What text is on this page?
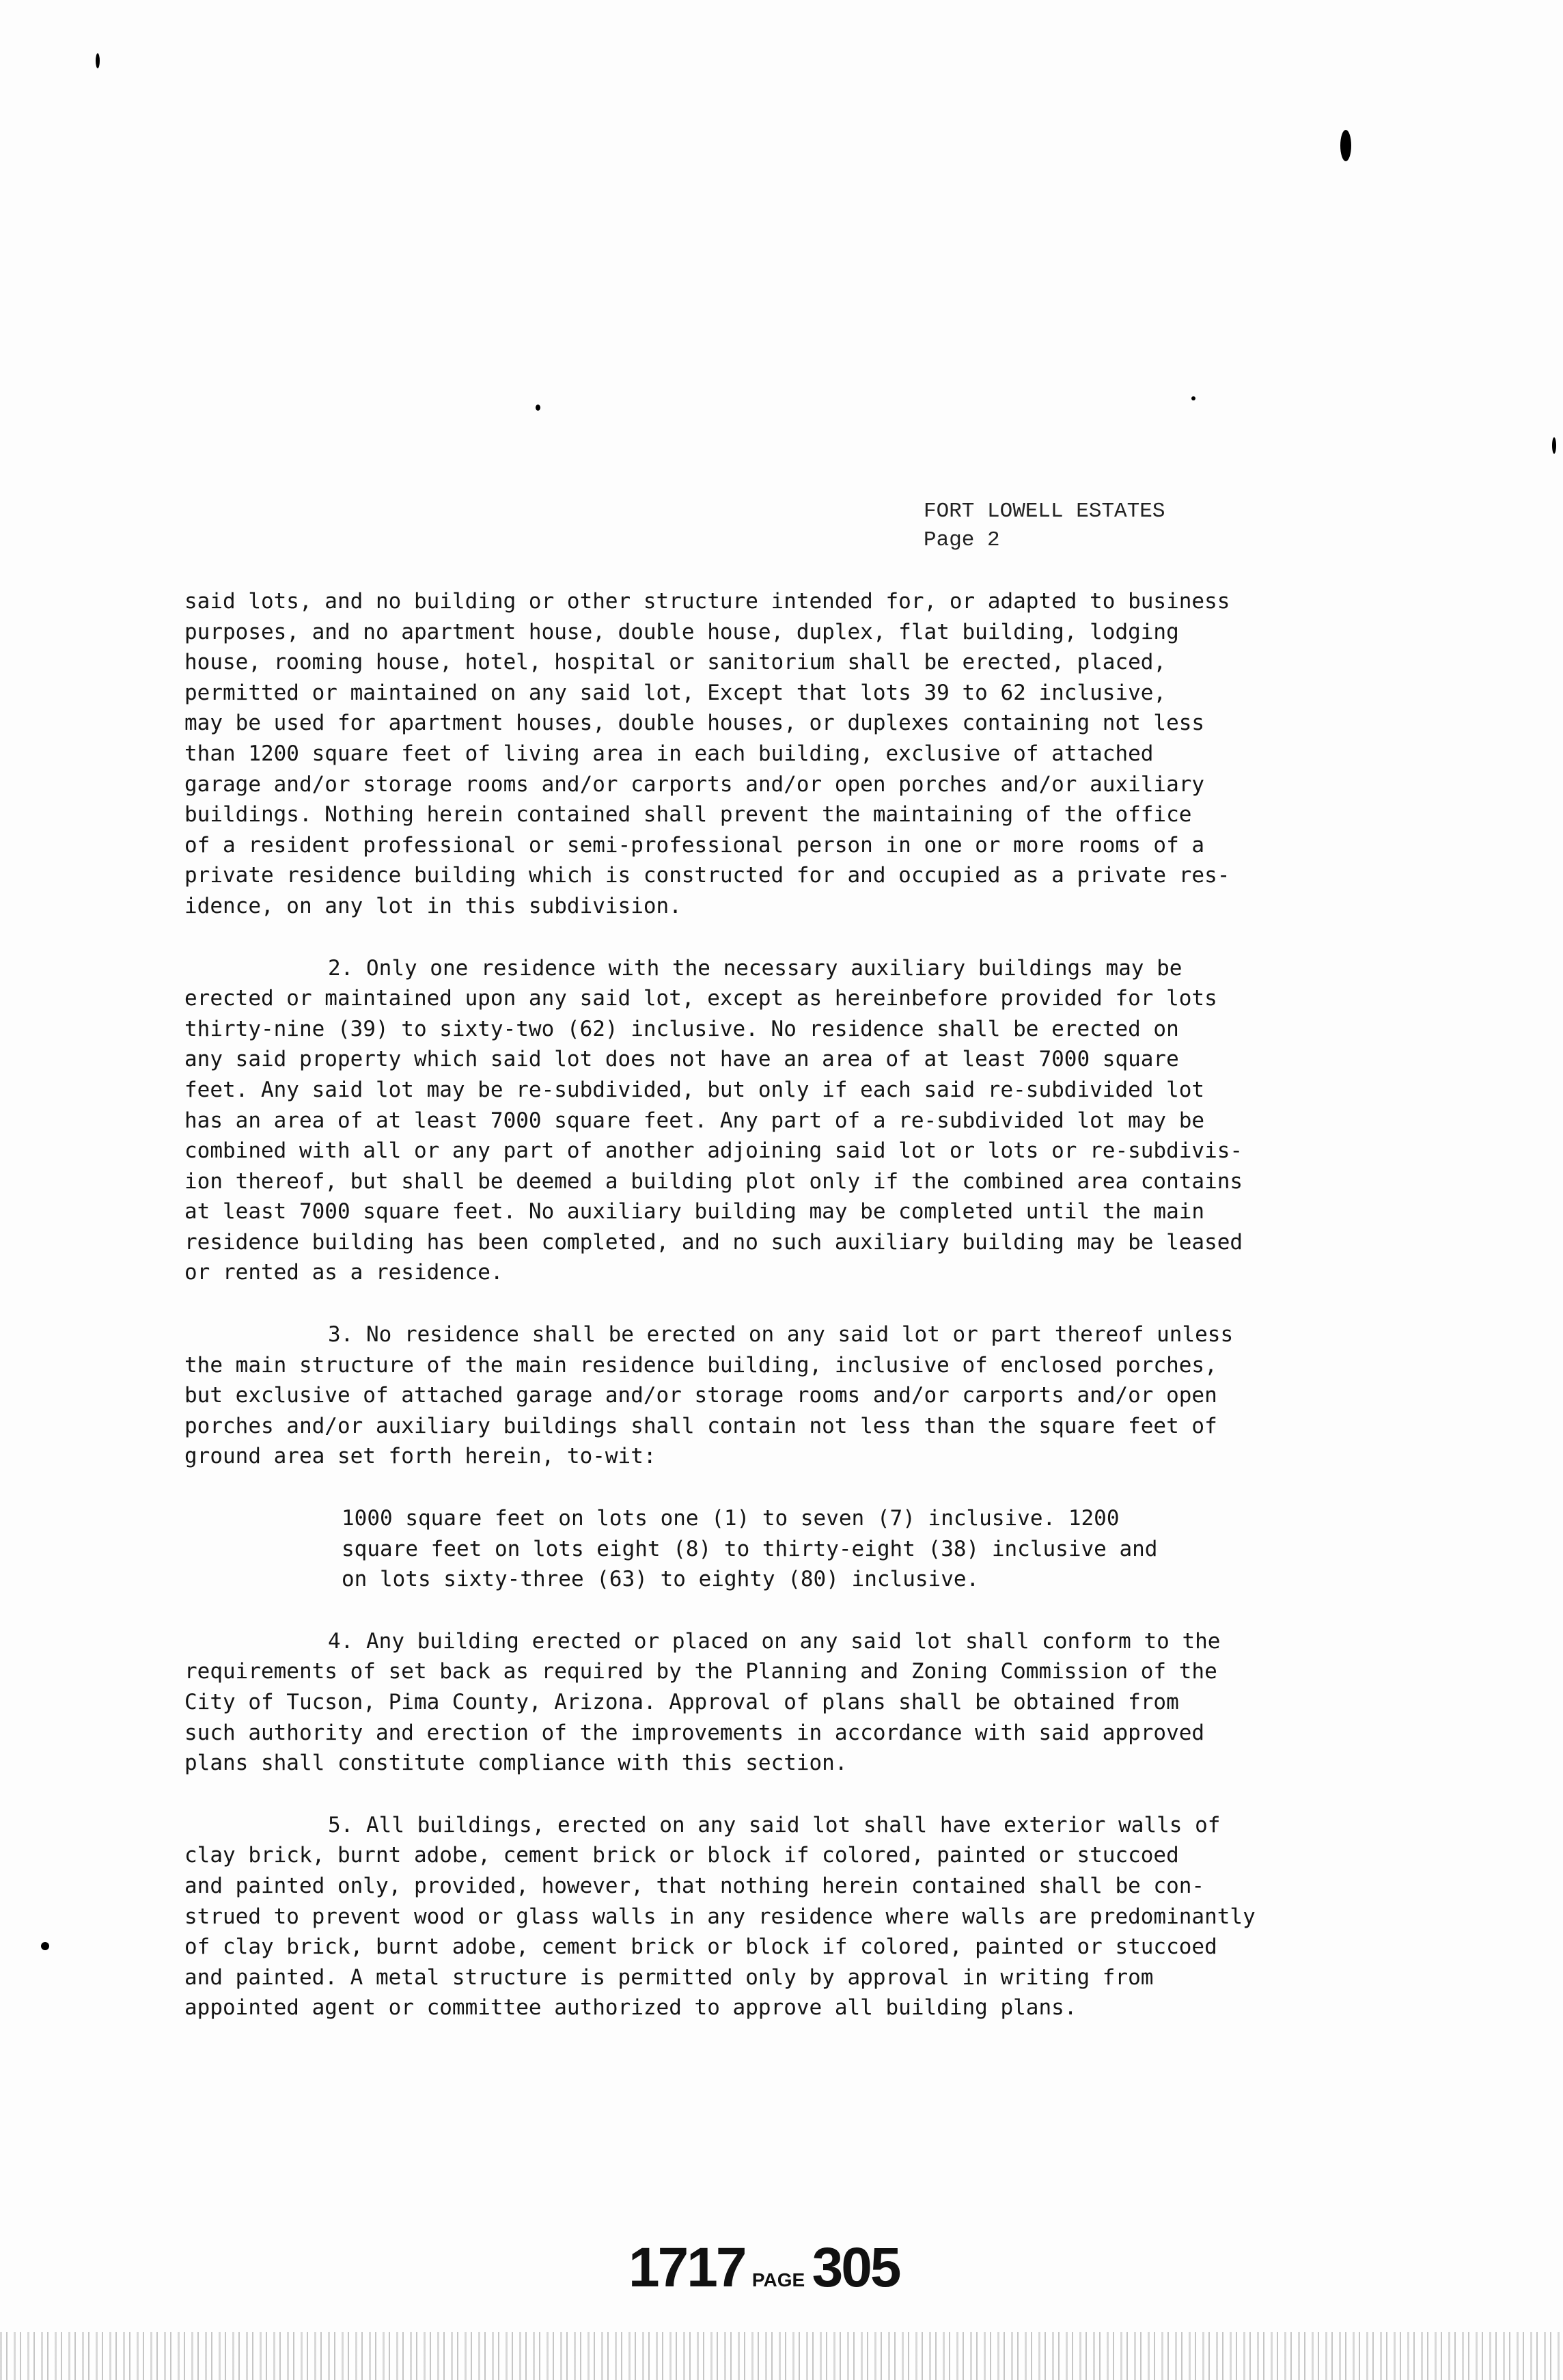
FORT LOWELL ESTATES
Page 2
said lots, and no building or other structure intended for, or adapted to business
purposes, and no apartment house, double house, duplex, flat building, lodging
house, rooming house, hotel, hospital or sanitorium shall be erected, placed,
permitted or maintained on any said lot, Except that lots 39 to 62 inclusive,
may be used for apartment houses, double houses, or duplexes containing not less
than 1200 square feet of living area in each building, exclusive of attached
garage and/or storage rooms and/or carports and/or open porches and/or auxiliary
buildings. Nothing herein contained shall prevent the maintaining of the office
of a resident professional or semi-professional person in one or more rooms of a
private residence building which is constructed for and occupied as a private res-
idence, on any lot in this subdivision.
2. Only one residence with the necessary auxiliary buildings may be
erected or maintained upon any said lot, except as hereinbefore provided for lots
thirty-nine (39) to sixty-two (62) inclusive. No residence shall be erected on
any said property which said lot does not have an area of at least 7000 square
feet. Any said lot may be re-subdivided, but only if each said re-subdivided lot
has an area of at least 7000 square feet. Any part of a re-subdivided lot may be
combined with all or any part of another adjoining said lot or lots or re-subdivis-
ion thereof, but shall be deemed a building plot only if the combined area contains
at least 7000 square feet. No auxiliary building may be completed until the main
residence building has been completed, and no such auxiliary building may be leased
or rented as a residence.
3. No residence shall be erected on any said lot or part thereof unless
the main structure of the main residence building, inclusive of enclosed porches,
but exclusive of attached garage and/or storage rooms and/or carports and/or open
porches and/or auxiliary buildings shall contain not less than the square feet of
ground area set forth herein, to-wit:
1000 square feet on lots one (1) to seven (7) inclusive. 1200
square feet on lots eight (8) to thirty-eight (38) inclusive and
on lots sixty-three (63) to eighty (80) inclusive.
4. Any building erected or placed on any said lot shall conform to the
requirements of set back as required by the Planning and Zoning Commission of the
City of Tucson, Pima County, Arizona. Approval of plans shall be obtained from
such authority and erection of the improvements in accordance with said approved
plans shall constitute compliance with this section.
5. All buildings, erected on any said lot shall have exterior walls of
clay brick, burnt adobe, cement brick or block if colored, painted or stuccoed
and painted only, provided, however, that nothing herein contained shall be con-
strued to prevent wood or glass walls in any residence where walls are predominantly
of clay brick, burnt adobe, cement brick or block if colored, painted or stuccoed
and painted. A metal structure is permitted only by approval in writing from
appointed agent or committee authorized to approve all building plans.
1717 PAGE 305
